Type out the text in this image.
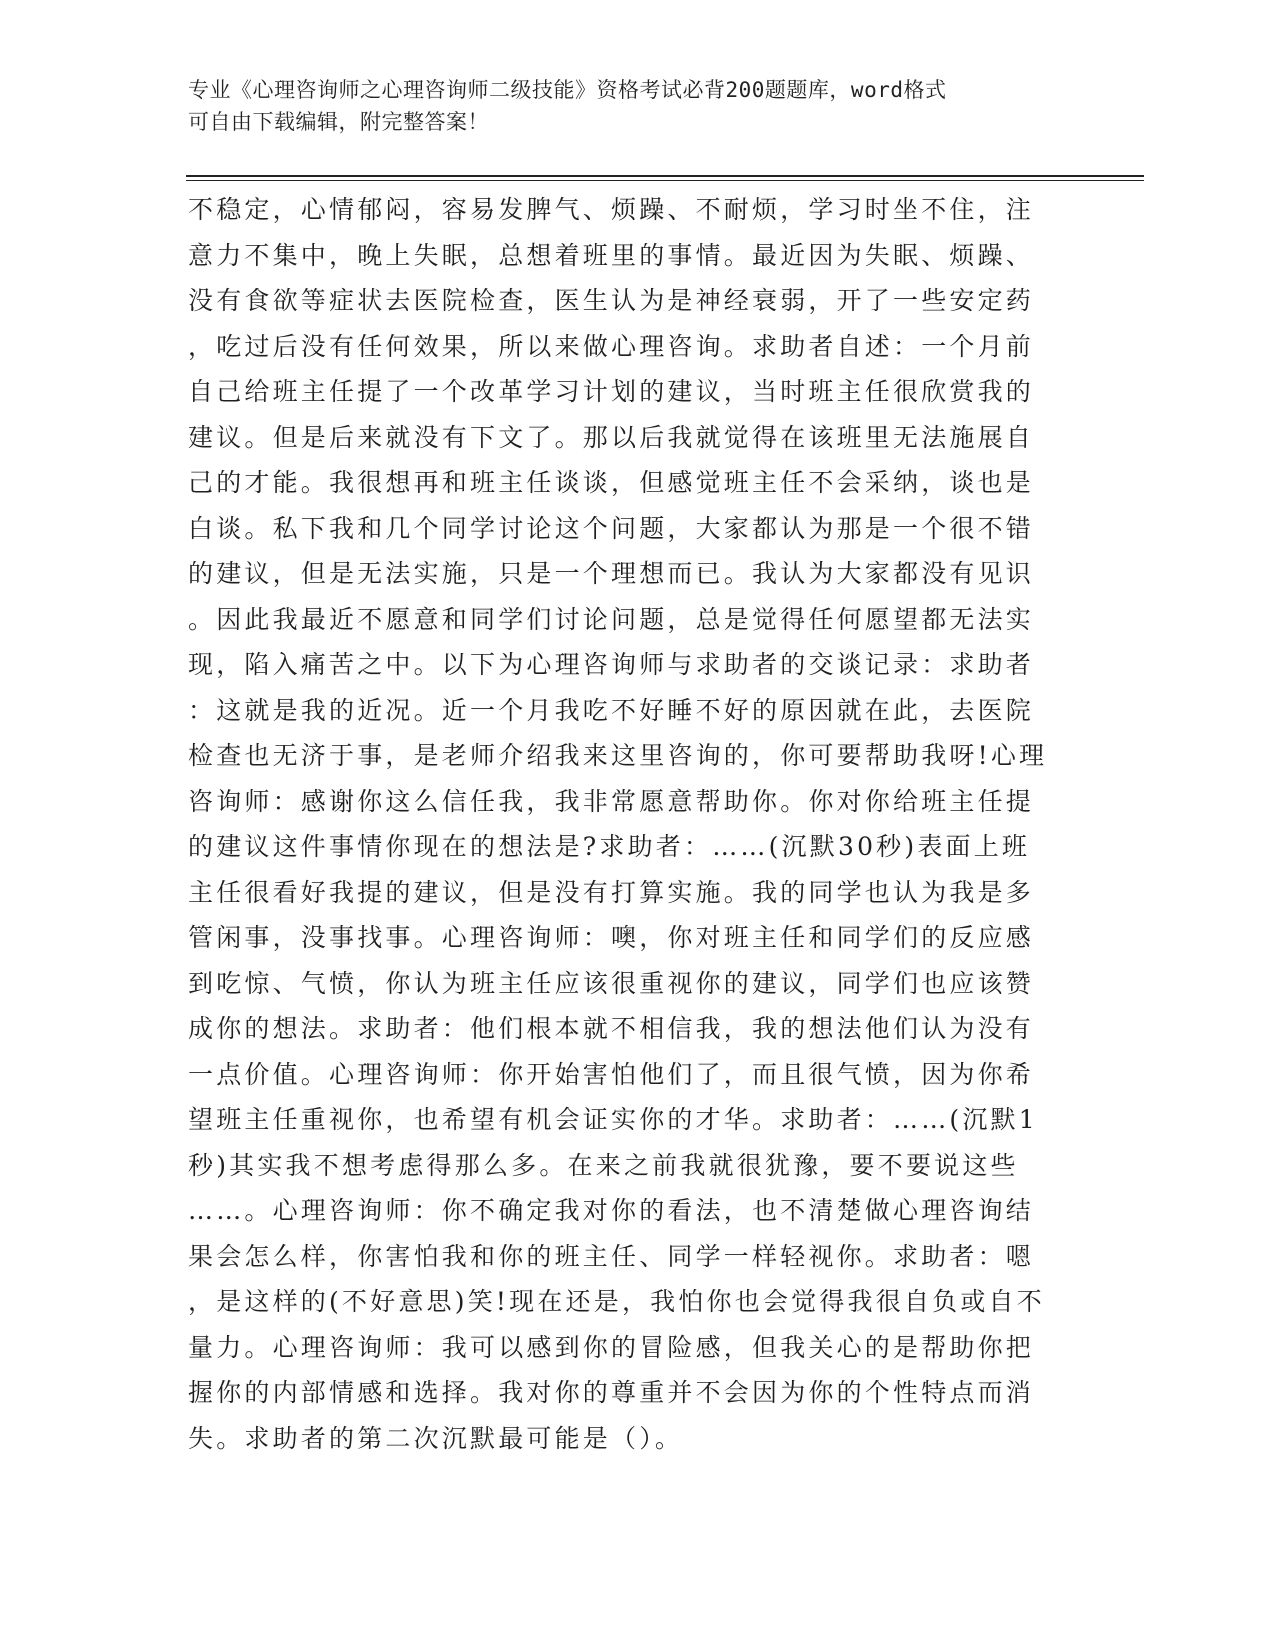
专业《心理咨询师之心理咨询师二级技能》资格考试必背200题题库，word格式
可自由下载编辑，附完整答案！
不稳定，心情郁闷，容易发脾气、烦躁、不耐烦，学习时坐不住，注
意力不集中，晚上失眠，总想着班里的事情。最近因为失眠、烦躁、
没有食欲等症状去医院检查，医生认为是神经衰弱，开了一些安定药
，吃过后没有任何效果，所以来做心理咨询。求助者自述：一个月前
自己给班主任提了一个改革学习计划的建议，当时班主任很欣赏我的
建议。但是后来就没有下文了。那以后我就觉得在该班里无法施展自
己的才能。我很想再和班主任谈谈，但感觉班主任不会采纳，谈也是
白谈。私下我和几个同学讨论这个问题，大家都认为那是一个很不错
的建议，但是无法实施，只是一个理想而已。我认为大家都没有见识
。因此我最近不愿意和同学们讨论问题，总是觉得任何愿望都无法实
现，陷入痛苦之中。以下为心理咨询师与求助者的交谈记录：求助者
：这就是我的近况。近一个月我吃不好睡不好的原因就在此，去医院
检查也无济于事，是老师介绍我来这里咨询的，你可要帮助我呀!心理
咨询师：感谢你这么信任我，我非常愿意帮助你。你对你给班主任提
的建议这件事情你现在的想法是?求助者：……(沉默30秒)表面上班
主任很看好我提的建议，但是没有打算实施。我的同学也认为我是多
管闲事，没事找事。心理咨询师：噢，你对班主任和同学们的反应感
到吃惊、气愤，你认为班主任应该很重视你的建议，同学们也应该赞
成你的想法。求助者：他们根本就不相信我，我的想法他们认为没有
一点价值。心理咨询师：你开始害怕他们了，而且很气愤，因为你希
望班主任重视你，也希望有机会证实你的才华。求助者：……(沉默1
秒)其实我不想考虑得那么多。在来之前我就很犹豫，要不要说这些
……。心理咨询师：你不确定我对你的看法，也不清楚做心理咨询结
果会怎么样，你害怕我和你的班主任、同学一样轻视你。求助者：嗯
，是这样的(不好意思)笑!现在还是，我怕你也会觉得我很自负或自不
量力。心理咨询师：我可以感到你的冒险感，但我关心的是帮助你把
握你的内部情感和选择。我对你的尊重并不会因为你的个性特点而消
失。求助者的第二次沉默最可能是（）。
